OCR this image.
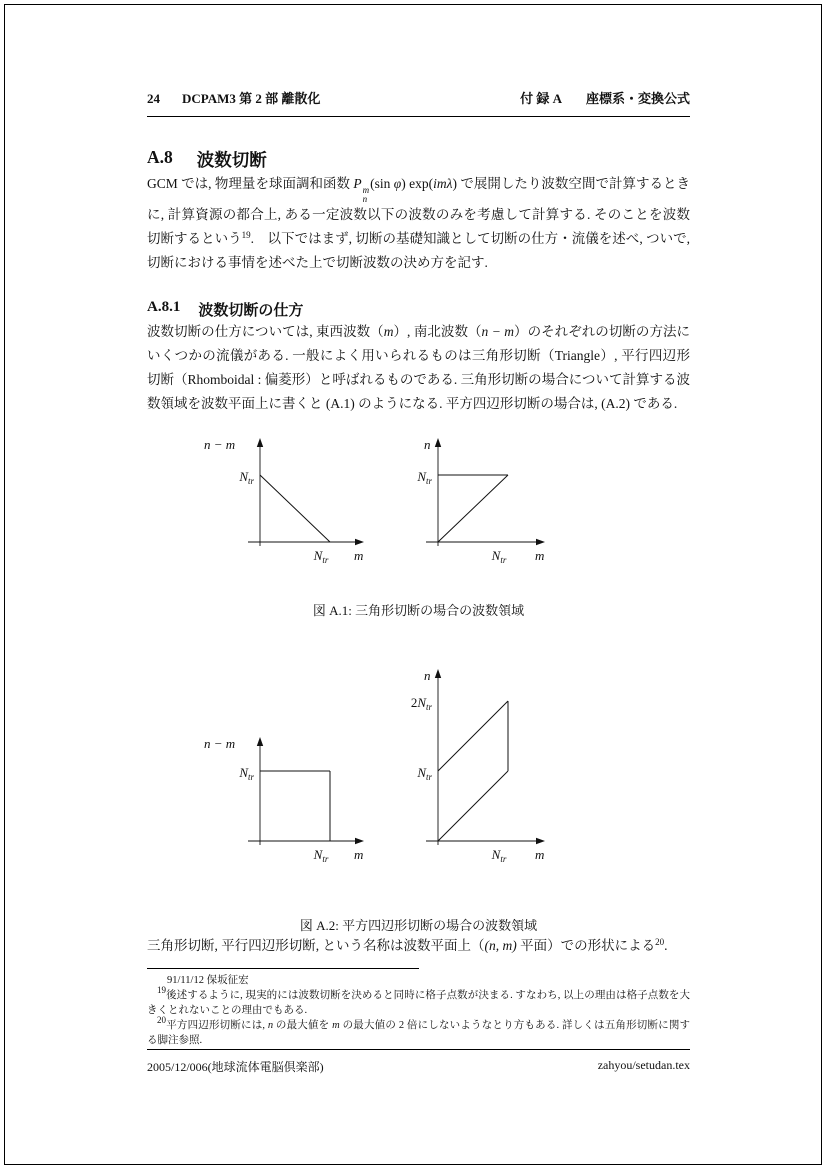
24 DCPAM3 第 2 部 離散化	付 録 A 座標系・変換公式
A.8 波数切断

GCM では, 物理量を球面調和函数 P m
n
(sin φ) exp(imλ) で展開したり波数空間で計算するときに, 計算資源の都合上, ある一定波数以下の波数のみを考慮して計算する. そのことを波数切断するという$^{19}$.　以下ではまず, 切断の基礎知識として切断の仕方・流儀を述べ, ついで, 切断における事情を述べた上で切断波数の決め方を記す.

A.8.1 波数切断の仕方

波数切断の仕方については, 東西波数（m）, 南北波数（n − m）のそれぞれの切断の方法にいくつかの流儀がある. 一般によく用いられるものは三角形切断（Triangle）, 平行四辺形切断（Rhomboidal : 偏菱形）と呼ばれるものである. 三角形切断の場合について計算する波数領域を波数平面上に書くと (A.1) のようになる. 平方四辺形切断の場合は, (A.2) である.

n − m
$N_{tr}$
$N_{tr}$ m
n
$N_{tr}$
$N_{tr}$ m
図 A.1: 三角形切断の場合の波数領域
n − m
$N_{tr}$
$N_{tr}$ m
n
$2N_{tr}$
$N_{tr}$
$N_{tr}$ m
図 A.2: 平方四辺形切断の場合の波数領域

三角形切断, 平行四辺形切断, という名称は波数平面上（(n, m) 平面）での形状による$^{20}$.

91/11/12 保坂征宏

$^{19}$後述するように, 現実的には波数切断を決めると同時に格子点数が決まる. すなわち, 以上の理由は格子点数を大きくとれないことの理由でもある.

$^{20}$平方四辺形切断には, n の最大値を m の最大値の 2 倍にしないようなとり方もある. 詳しくは五角形切断に関する脚注参照.

2005/12/006(地球流体電脳倶楽部)	zahyou/setudan.tex
